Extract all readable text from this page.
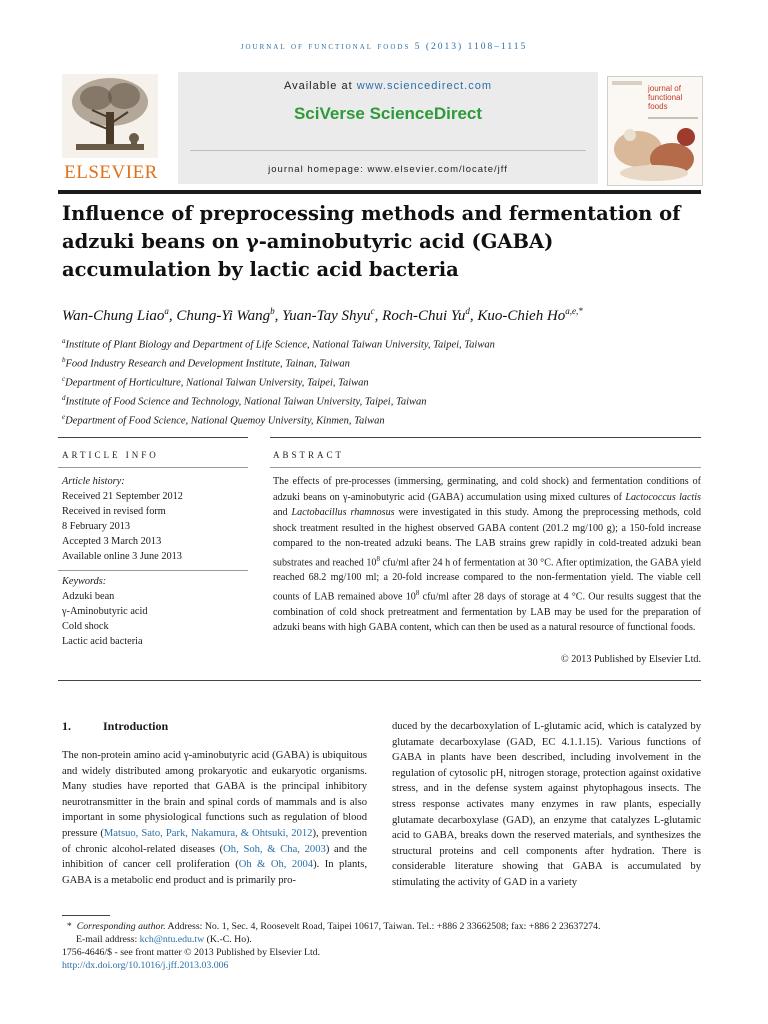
journal of functional foods 5 (2013) 1108–1115
ELSEVIER
Available at www.sciencedirect.com
SciVerse ScienceDirect
journal homepage: www.elsevier.com/locate/jff
journal of functional foods
Influence of preprocessing methods and fermentation of adzuki beans on γ-aminobutyric acid (GABA) accumulation by lactic acid bacteria
Wan-Chung Liao$^a$, Chung-Yi Wang$^b$, Yuan-Tay Shyu$^c$, Roch-Chui Yu$^d$, Kuo-Chieh $Ho^{a,e,*}$
$^a$Institute of Plant Biology and Department of Life Science, National Taiwan University, Taipei, Taiwan
$^b$Food Industry Research and Development Institute, Tainan, Taiwan
$^c$Department of Horticulture, National Taiwan University, Taipei, Taiwan
$^d$Institute of Food Science and Technology, National Taiwan University, Taipei, Taiwan
$^e$Department of Food Science, National Quemoy University, Kinmen, Taiwan
ARTICLE INFO
Article history:
Received 21 September 2012
Received in revised form
8 February 2013
Accepted 3 March 2013
Available online 3 June 2013
Keywords:
Adzuki bean
γ-Aminobutyric acid
Cold shock
Lactic acid bacteria
ABSTRACT
The effects of pre-processes (immersing, germinating, and cold shock) and fermentation conditions of adzuki beans on γ-aminobutyric acid (GABA) accumulation using mixed cultures of Lactococcus lactis and Lactobacillus rhamnosus were investigated in this study. Among the preprocessing methods, cold shock treatment resulted in the highest observed GABA content (201.2 mg/100 g); a 150-fold increase compared to the non-treated adzuki beans. The LAB strains grew rapidly in cold-treated adzuki bean substrates and reached $10^8$ cfu/ml after 24 h of fermentation at 30 °C. After optimization, the GABA yield reached 68.2 mg/100 ml; a 20-fold increase compared to the non-fermentation yield. The viable cell counts of LAB remained above $10^8$ cfu/ml after 28 days of storage at 4 °C. Our results suggest that the combination of cold shock pretreatment and fermentation by LAB may be used for the preparation of adzuki beans with high GABA content, which can then be used as a natural resource of functional foods.
© 2013 Published by Elsevier Ltd.
1.	Introduction
The non-protein amino acid γ-aminobutyric acid (GABA) is ubiquitous and widely distributed among prokaryotic and eukaryotic organisms. Many studies have reported that GABA is the principal inhibitory neurotransmitter in the brain and spinal cords of mammals and is also important in some physiological functions such as regulation of blood pressure (Matsuo, Sato, Park, Nakamura, & Ohtsuki, 2012), prevention of chronic alcohol-related diseases (Oh, Soh, & Cha, 2003) and the inhibition of cancer cell proliferation (Oh & Oh, 2004). In plants, GABA is a metabolic end product and is primarily pro-
duced by the decarboxylation of L-glutamic acid, which is catalyzed by glutamate decarboxylase (GAD, EC 4.1.1.15). Various functions of GABA in plants have been described, including involvement in the regulation of cytosolic pH, nitrogen storage, protection against oxidative stress, and in the defense system against phytophagous insects. The stress response activates many enzymes in raw plants, especially glutamate decarboxylase (GAD), an enzyme that catalyzes L-glutamic acid to GABA, breaks down the reserved materials, and synthesizes the structural proteins and cell components after hydration. There is considerable literature showing that GABA is accumulated by stimulating the activity of GAD in a variety
* Corresponding author. Address: No. 1, Sec. 4, Roosevelt Road, Taipei 10617, Taiwan. Tel.: +886 2 33662508; fax: +886 2 23637274.
E-mail address: kch@ntu.edu.tw (K.-C. Ho).
1756-4646/$ - see front matter © 2013 Published by Elsevier Ltd.
http://dx.doi.org/10.1016/j.jff.2013.03.006
